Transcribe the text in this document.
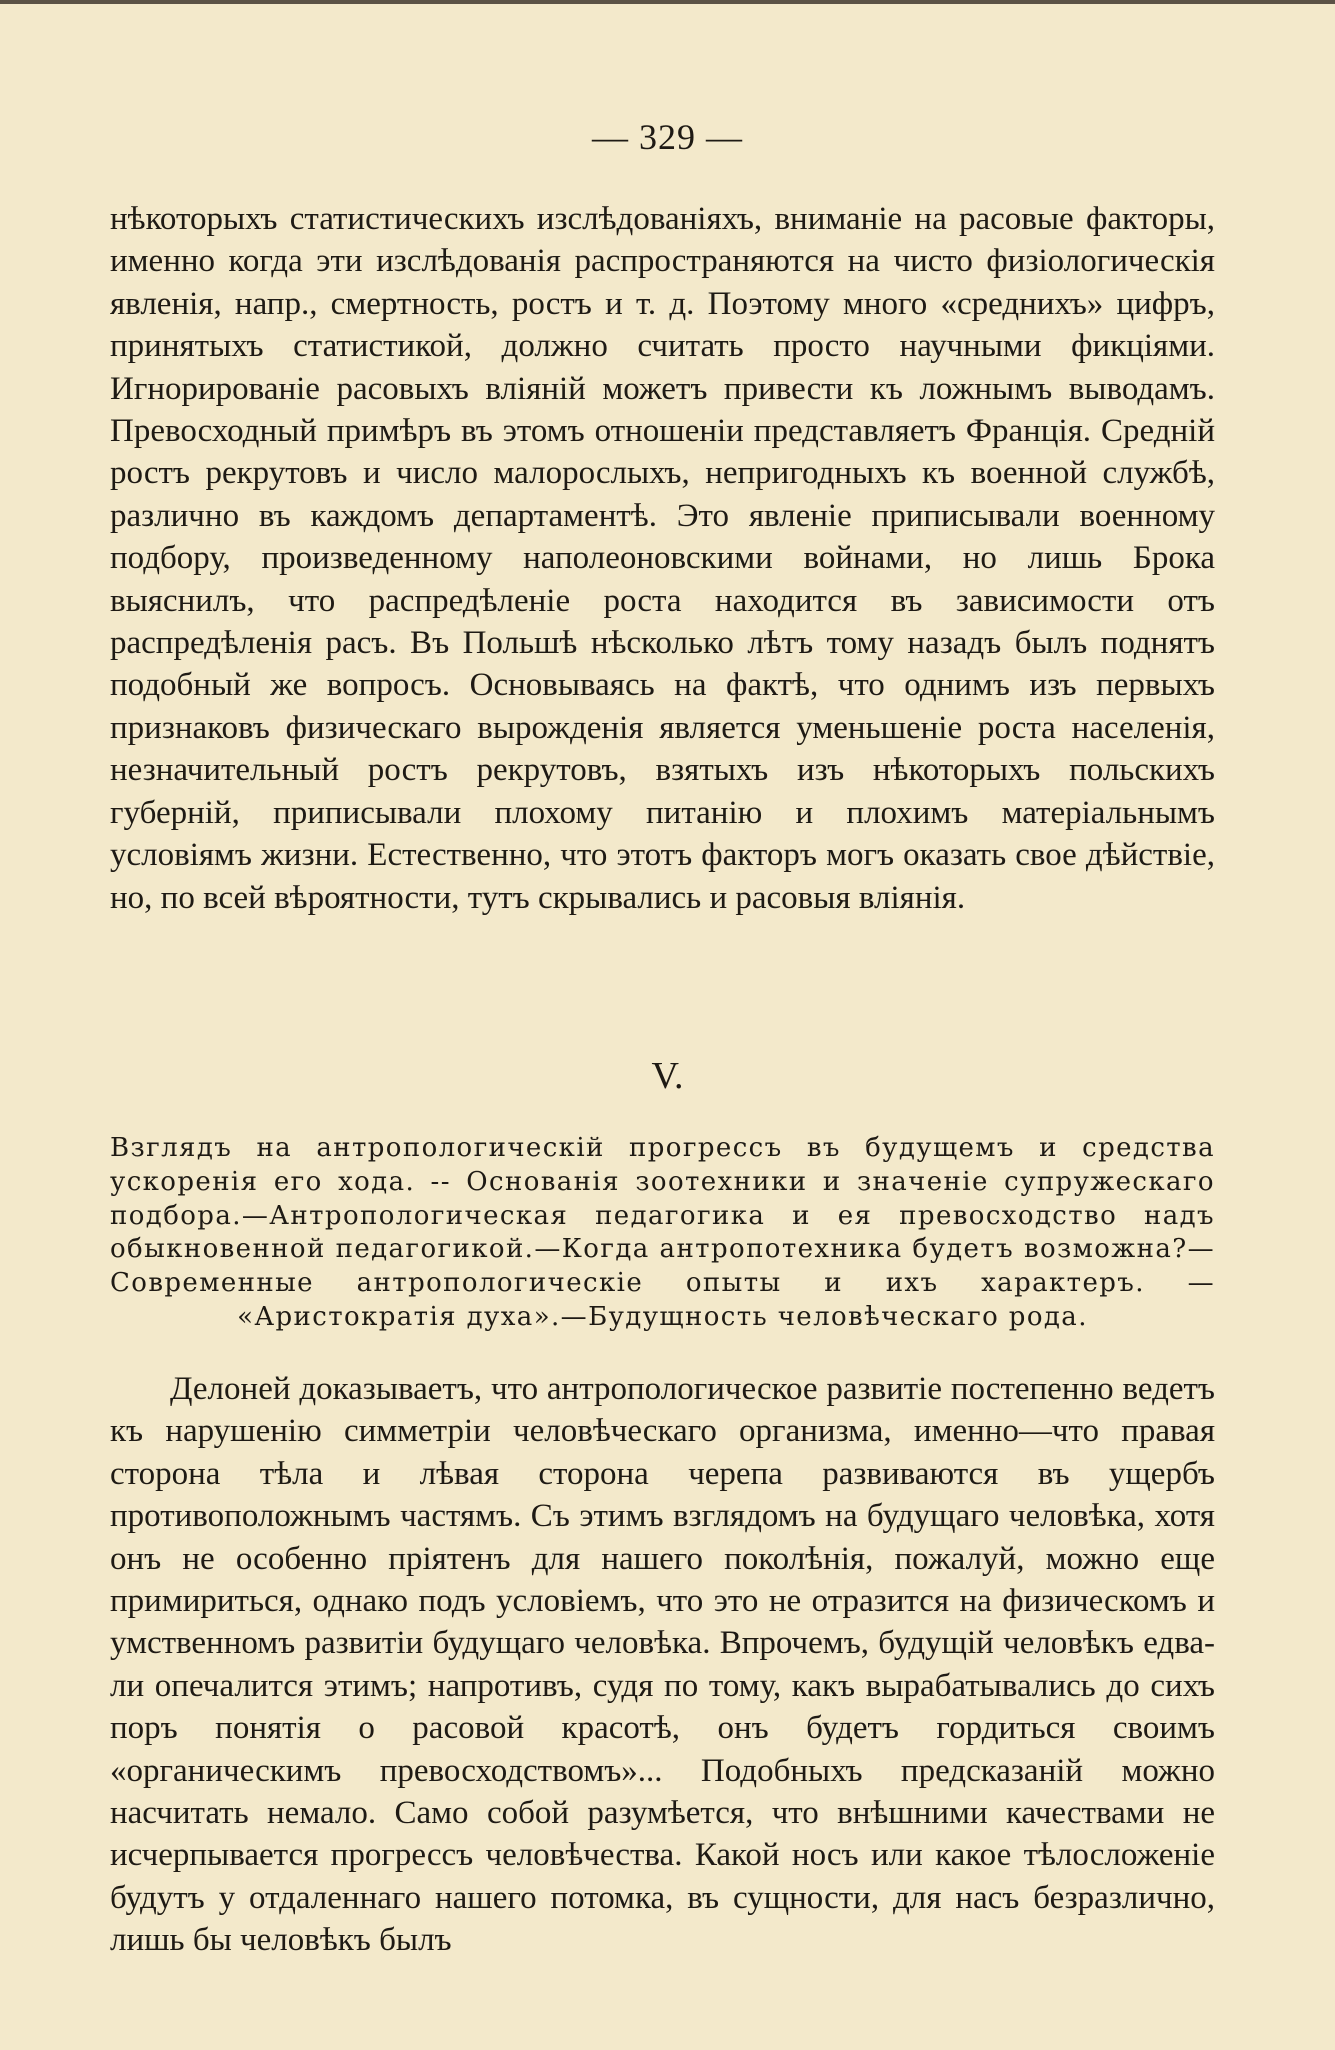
— 329 —

нѣкоторыхъ статистическихъ изслѣдованіяхъ, вниманіе на расовые факторы, именно когда эти изслѣдованія распространяются на чисто физіологическія явленія, напр., смертность, ростъ и т. д. Поэтому много «среднихъ» цифръ, принятыхъ статистикой, должно считать просто научными фикціями. Игнорированіе расовыхъ вліяній можетъ привести къ ложнымъ выводамъ. Превосходный примѣръ въ этомъ отношеніи представляетъ Франція. Средній ростъ рекрутовъ и число малорослыхъ, непригодныхъ къ военной службѣ, различно въ каждомъ департаментѣ. Это явленіе приписывали военному подбору, произведенному наполеоновскими войнами, но лишь Брока выяснилъ, что распредѣленіе роста находится въ зависимости отъ распредѣленія расъ. Въ Польшѣ нѣсколько лѣтъ тому назадъ былъ поднятъ подобный же вопросъ. Основываясь на фактѣ, что однимъ изъ первыхъ признаковъ физическаго вырожденія является уменьшеніе роста населенія, незначительный ростъ рекрутовъ, взятыхъ изъ нѣкоторыхъ польскихъ губерній, приписывали плохому питанію и плохимъ матеріальнымъ условіямъ жизни. Естественно, что этотъ факторъ могъ оказать свое дѣйствіе, но, по всей вѣроятности, тутъ скрывались и расовыя вліянія.

V.
Взглядъ на антропологическій прогрессъ въ будущемъ и средства ускоренія его хода. -- Основанія зоотехники и значеніе супружескаго подбора.—Антропологическая педагогика и ея превосходство надъ обыкновенной педагогикой.—Когда антропотехника будетъ возможна?—Современные антропологическіе опыты и ихъ характеръ. — «Аристократія духа».—Будущность человѣческаго рода.

Делоней доказываетъ, что антропологическое развитіе постепенно ведетъ къ нарушенію симметріи человѣческаго организма, именно—что правая сторона тѣла и лѣвая сторона черепа развиваются въ ущербъ противоположнымъ частямъ. Съ этимъ взглядомъ на будущаго человѣка, хотя онъ не особенно пріятенъ для нашего поколѣнія, пожалуй, можно еще примириться, однако подъ условіемъ, что это не отразится на физическомъ и умственномъ развитіи будущаго человѣка. Впрочемъ, будущій человѣкъ едва-ли опечалится этимъ; напротивъ, судя по тому, какъ вырабатывались до сихъ поръ понятія о расовой красотѣ, онъ будетъ гордиться своимъ «органическимъ превосходствомъ»... Подобныхъ предсказаній можно насчитать немало. Само собой разумѣется, что внѣшними качествами не исчерпывается прогрессъ человѣчества. Какой носъ или какое тѣлосложеніе будутъ у отдаленнаго нашего потомка, въ сущности, для насъ безразлично, лишь бы человѣкъ былъ
